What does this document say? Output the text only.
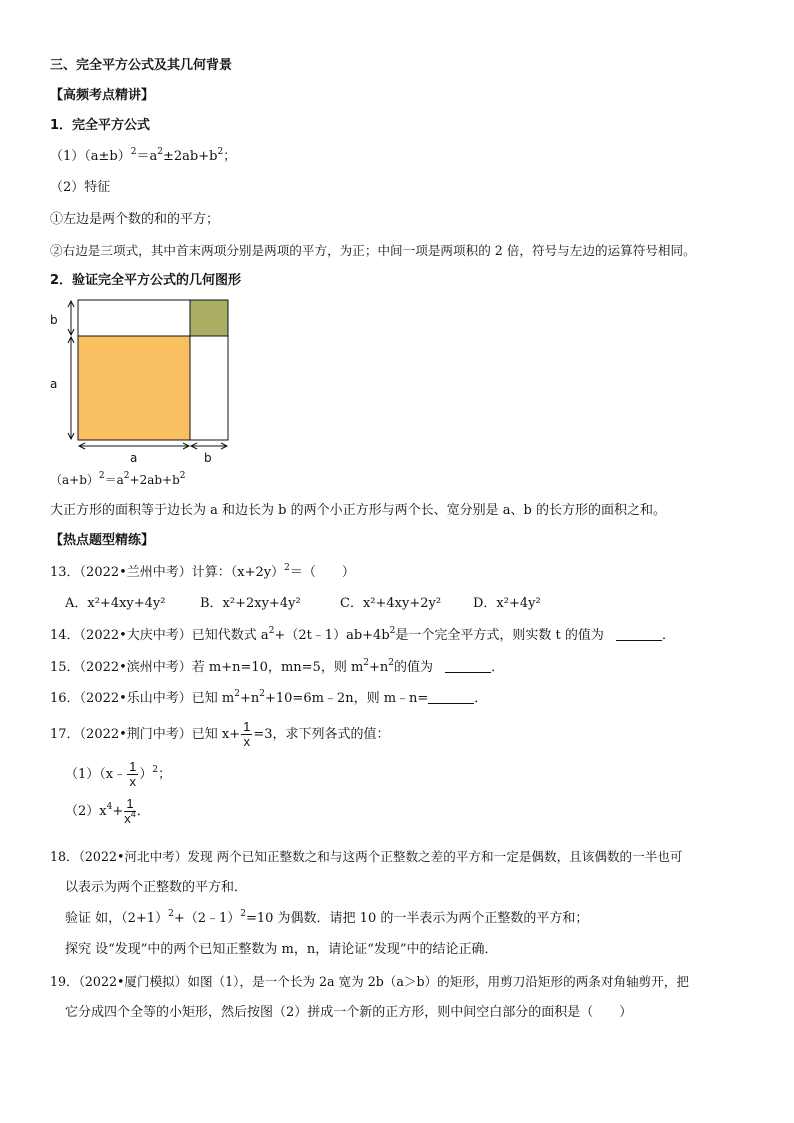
三、完全平方公式及其几何背景
【高频考点精讲】
1．完全平方公式
$(1)(a\pm b)^2=a^2\pm 2ab+b^2$；
（2）特征
①左边是两个数的和的平方；
②右边是三项式，其中首末两项分别是两项的平方，为正；中间一项是两项积的 2 倍，符号与左边的运算符号相同。
2．验证完全平方公式的几何图形
b
a
a	b
$(a+b)^2=a^2+2ab+b^2$
大正方形的面积等于边长为 a 和边长为 b 的两个小正方形与两个长、宽分别是 a、b 的长方形的面积之和。
【热点题型精练】
13．（2022•兰州中考）计算：$(x+2y)^2=$（　　）
A．x²+4xy+4y²	B．x²+2xy+4y²	C．x²+4xy+2y² D．x²+4y²
14．（2022•大庆中考）已知代数式 $a^2+(2t﹣1)ab+4b^2$是一个完全平方式，则实数 t 的值为	．
15．（2022•滨州中考）若 m+n=10，mn=5，则 $m^2+n^2$的值为	．
16．（2022•乐山中考）已知 $m^2+n^2+10=6m﹣2n$，则 m﹣n=	．
17．（2022•荆门中考）已知 $x+ \frac{1}{x} =3$，求下列各式的值：
（1）（x﹣ $\frac{1}{x} )^2$；
$(2)x^4+ \frac{1}{x^4}$ ．
18．（2022•河北中考）发现 两个已知正整数之和与这两个正整数之差的平方和一定是偶数，且该偶数的一半也可
以表示为两个正整数的平方和．
验证 如，$(2+1)^2+(2﹣1)^2=10$ 为偶数．请把 10 的一半表示为两个正整数的平方和；
探究 设“发现”中的两个已知正整数为 m，n，请论证“发现”中的结论正确．
19．（2022•厦门模拟）如图（1），是一个长为 2a 宽为 2b（a＞b）的矩形，用剪刀沿矩形的两条对角轴剪开，把
它分成四个全等的小矩形，然后按图（2）拼成一个新的正方形，则中间空白部分的面积是（　　）
